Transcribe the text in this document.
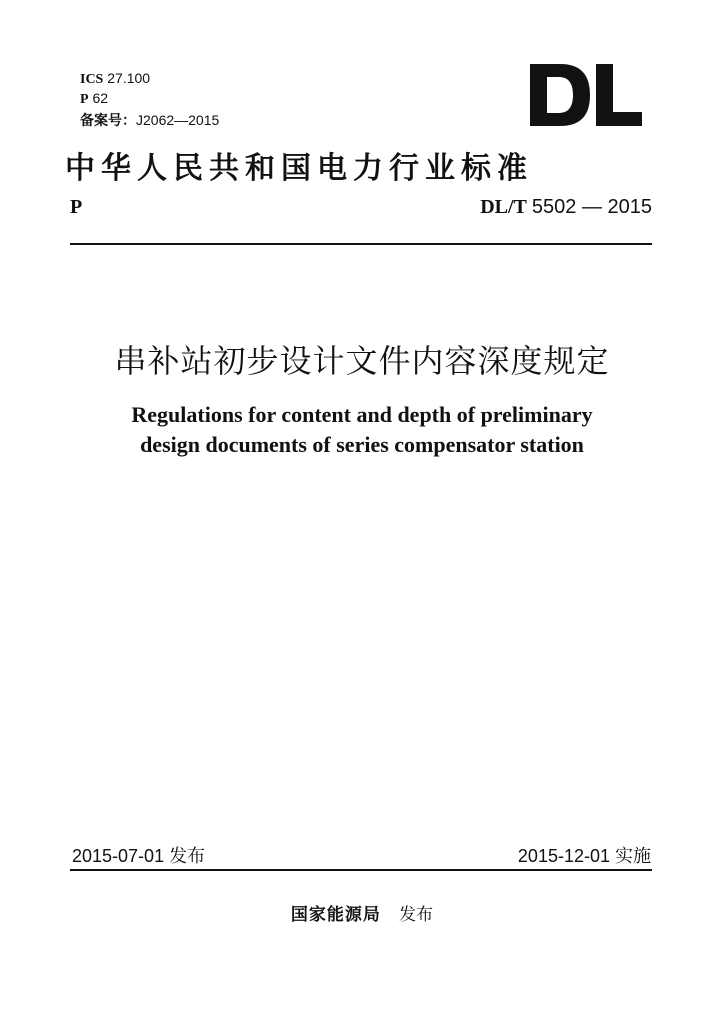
ICS 27.100
P 62
备案号：J2062—2015
中华人民共和国电力行业标准
P	DL/T 5502 — 2015
串补站初步设计文件内容深度规定
Regulations for content and depth of preliminary
design documents of series compensator station
2015-07-01 发布	2015-12-01 实施
国家能源局 发布
